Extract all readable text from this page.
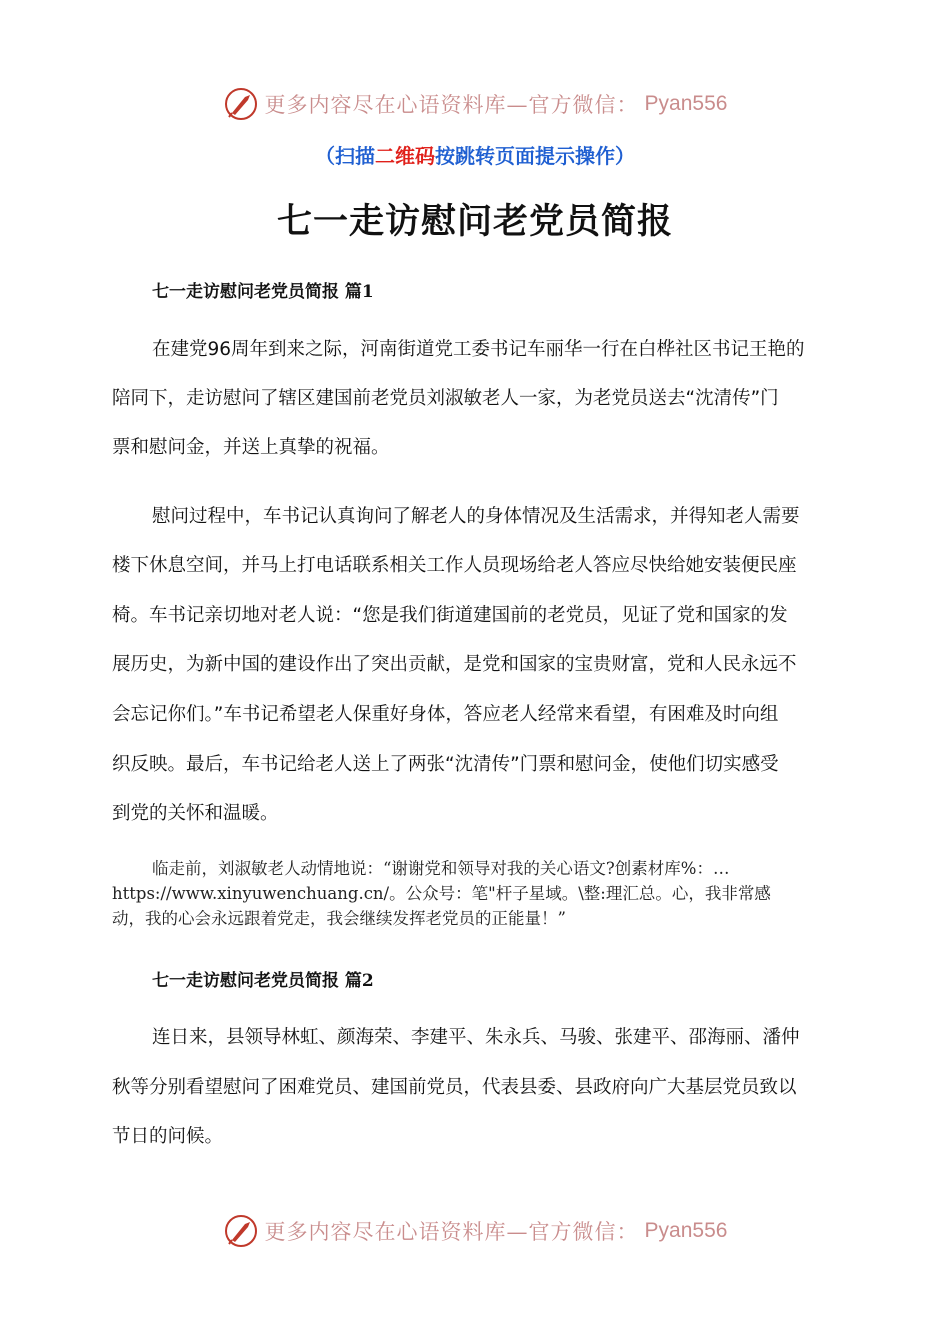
更多内容尽在心语资料库—官方微信： Pyan556
（扫描二维码按跳转页面提示操作）
七一走访慰问老党员简报
七一走访慰问老党员简报 篇1
在建党96周年到来之际，河南街道党工委书记车丽华一行在白桦社区书记王艳的
陪同下，走访慰问了辖区建国前老党员刘淑敏老人一家，为老党员送去“沈清传”门
票和慰问金，并送上真挚的祝福。
慰问过程中，车书记认真询问了解老人的身体情况及生活需求，并得知老人需要
楼下休息空间，并马上打电话联系相关工作人员现场给老人答应尽快给她安装便民座
椅。车书记亲切地对老人说：“您是我们街道建国前的老党员，见证了党和国家的发
展历史，为新中国的建设作出了突出贡献，是党和国家的宝贵财富，党和人民永远不
会忘记你们。”车书记希望老人保重好身体，答应老人经常来看望，有困难及时向组
织反映。最后，车书记给老人送上了两张“沈清传”门票和慰问金，使他们切实感受
到党的关怀和温暖。
临走前，刘淑敏老人动情地说：“谢谢党和领导对我的关心语文?创素材库%：…
https://www.xinyuwenchuang.cn/。公众号：笔"杆子星域。\整:理汇总。心，我非常感
动，我的心会永远跟着党走，我会继续发挥老党员的正能量！”
七一走访慰问老党员简报 篇2
连日来，县领导林虹、颜海荣、李建平、朱永兵、马骏、张建平、邵海丽、潘仲
秋等分别看望慰问了困难党员、建国前党员，代表县委、县政府向广大基层党员致以
节日的问候。
更多内容尽在心语资料库—官方微信： Pyan556
